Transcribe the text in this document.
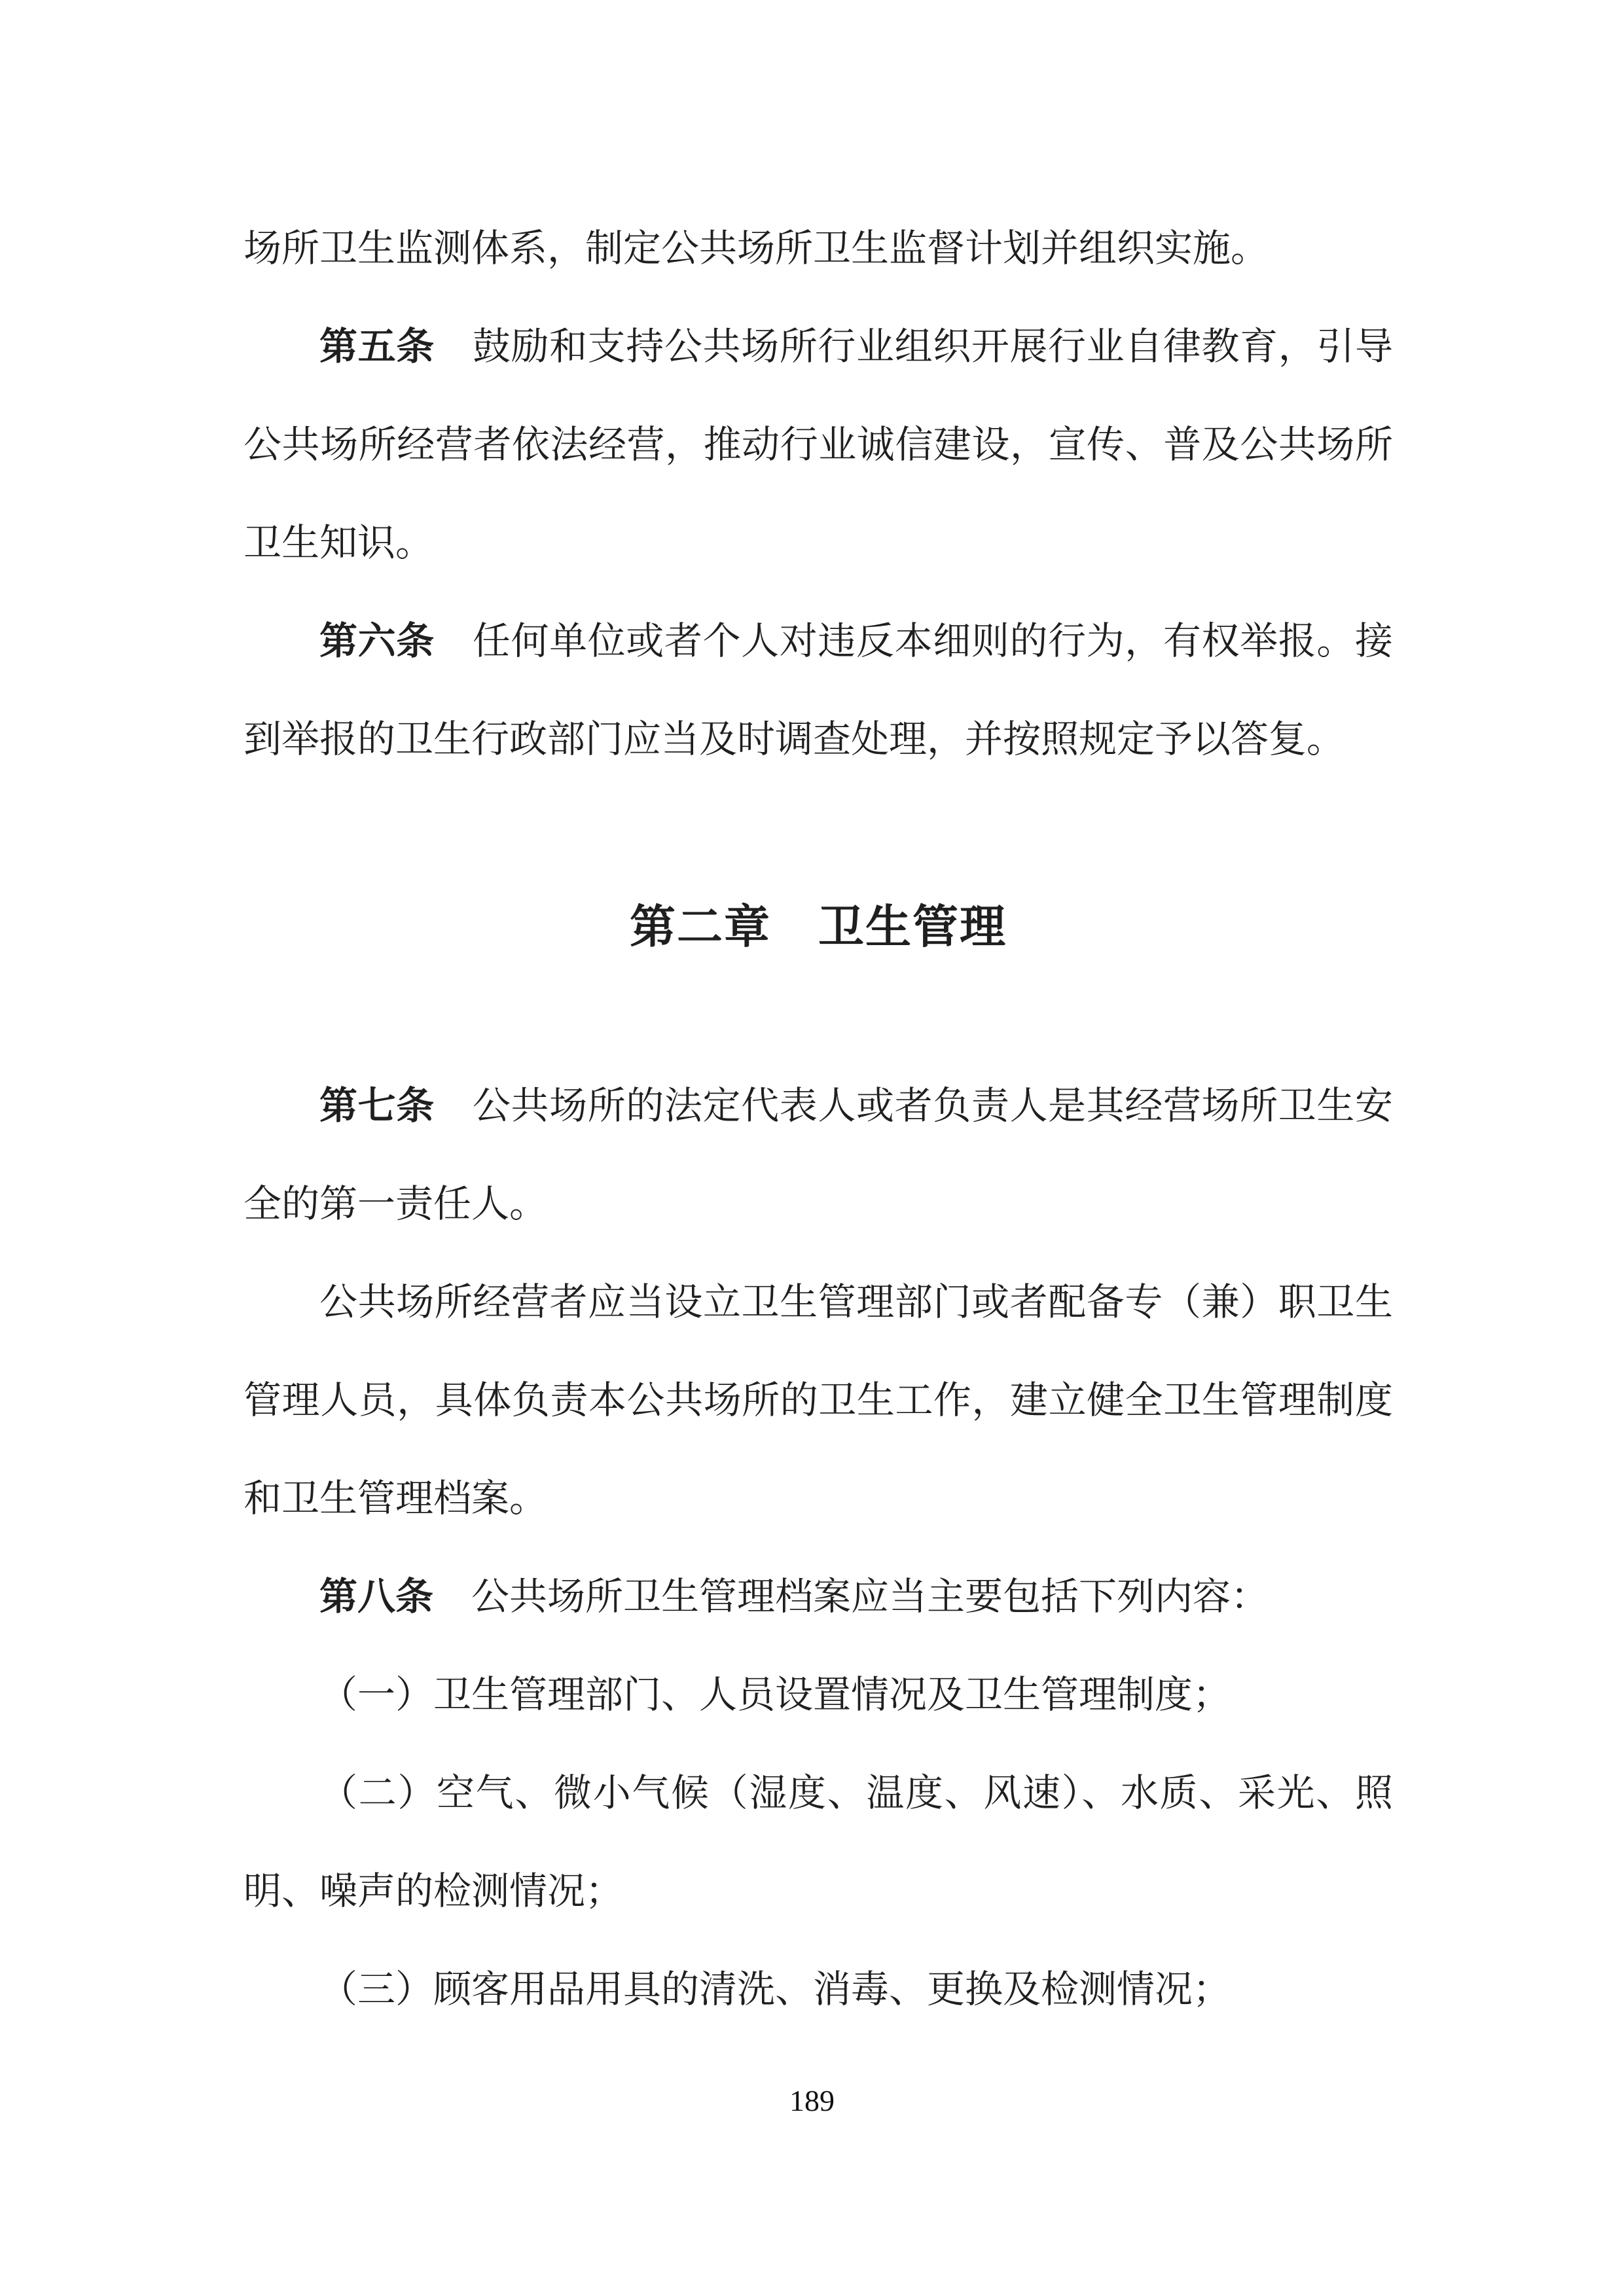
场所卫生监测体系，制定公共场所卫生监督计划并组织实施。

第五条 鼓励和支持公共场所行业组织开展行业自律教育，引导公共场所经营者依法经营，推动行业诚信建设，宣传、普及公共场所卫生知识。

第六条 任何单位或者个人对违反本细则的行为，有权举报。接到举报的卫生行政部门应当及时调查处理，并按照规定予以答复。

第二章　卫生管理

第七条 公共场所的法定代表人或者负责人是其经营场所卫生安全的第一责任人。

公共场所经营者应当设立卫生管理部门或者配备专（兼）职卫生管理人员，具体负责本公共场所的卫生工作，建立健全卫生管理制度和卫生管理档案。

第八条 公共场所卫生管理档案应当主要包括下列内容：

（一）卫生管理部门、人员设置情况及卫生管理制度；

（二）空气、微小气候（湿度、温度、风速）、水质、采光、照明、噪声的检测情况；

（三）顾客用品用具的清洗、消毒、更换及检测情况；

189
